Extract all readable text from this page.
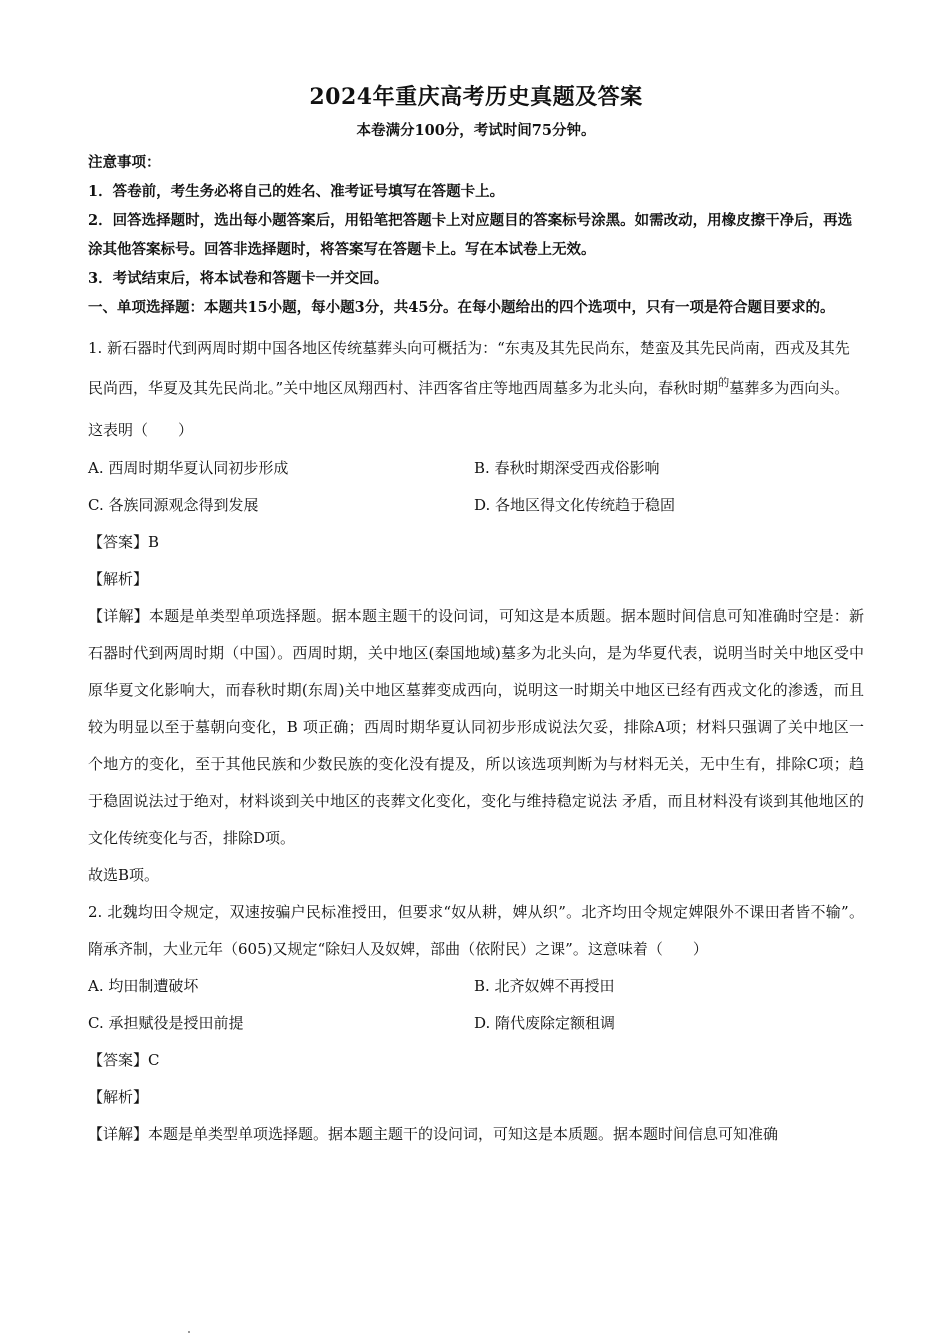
2024年重庆高考历史真题及答案

本卷满分100分，考试时间75分钟。

注意事项：

1．答卷前，考生务必将自己的姓名、准考证号填写在答题卡上。

2．回答选择题时，选出每小题答案后，用铅笔把答题卡上对应题目的答案标号涂黑。如需改动，用橡皮擦干净后，再选涂其他答案标号。回答非选择题时，将答案写在答题卡上。写在本试卷上无效。

3．考试结束后，将本试卷和答题卡一并交回。

一、单项选择题：本题共15小题，每小题3分，共45分。在每小题给出的四个选项中，只有一项是符合题目要求的。

1. 新石器时代到两周时期中国各地区传统墓葬头向可概括为：“东夷及其先民尚东，楚蛮及其先民尚南，西戎及其先民尚西，华夏及其先民尚北。”关中地区凤翔西村、沣西客省庄等地西周墓多为北头向，春秋时期$^的$墓葬多为西向头。这表明（　　）

A. 西周时期华夏认同初步形成	B. 春秋时期深受西戎俗影响
C. 各族同源观念得到发展	D. 各地区得文化传统趋于稳固

【答案】B

【解析】

【详解】本题是单类型单项选择题。据本题主题干的设问词，可知这是本质题。据本题时间信息可知准确时空是：新石器时代到两周时期（中国）。西周时期，关中地区(秦国地域)墓多为北头向，是为华夏代表，说明当时关中地区受中原华夏文化影响大，而春秋时期(东周)关中地区墓葬变成西向，说明这一时期关中地区已经有西戎文化的渗透，而且较为明显以至于墓朝向变化，B 项正确；西周时期华夏认同初步形成说法欠妥，排除A项；材料只强调了关中地区一个地方的变化，至于其他民族和少数民族的变化没有提及，所以该选项判断为与材料无关，无中生有，排除C项；趋于稳固说法过于绝对，材料谈到关中地区的丧葬文化变化，变化与维持稳定说法 矛盾，而且材料没有谈到其他地区的文化传统变化与否，排除D项。

故选B项。

2. 北魏均田令规定，双速按骗户民标准授田，但要求“奴从耕，婢从织”。北齐均田令规定婢限外不课田者皆不输”。隋承齐制，大业元年（605)又规定“除妇人及奴婢，部曲（依附民）之课”。这意味着（　　）

A. 均田制遭破坏	B. 北齐奴婢不再授田
C. 承担赋役是授田前提	D. 隋代废除定额租调

【答案】C

【解析】

【详解】本题是单类型单项选择题。据本题主题干的设问词，可知这是本质题。据本题时间信息可知准确
